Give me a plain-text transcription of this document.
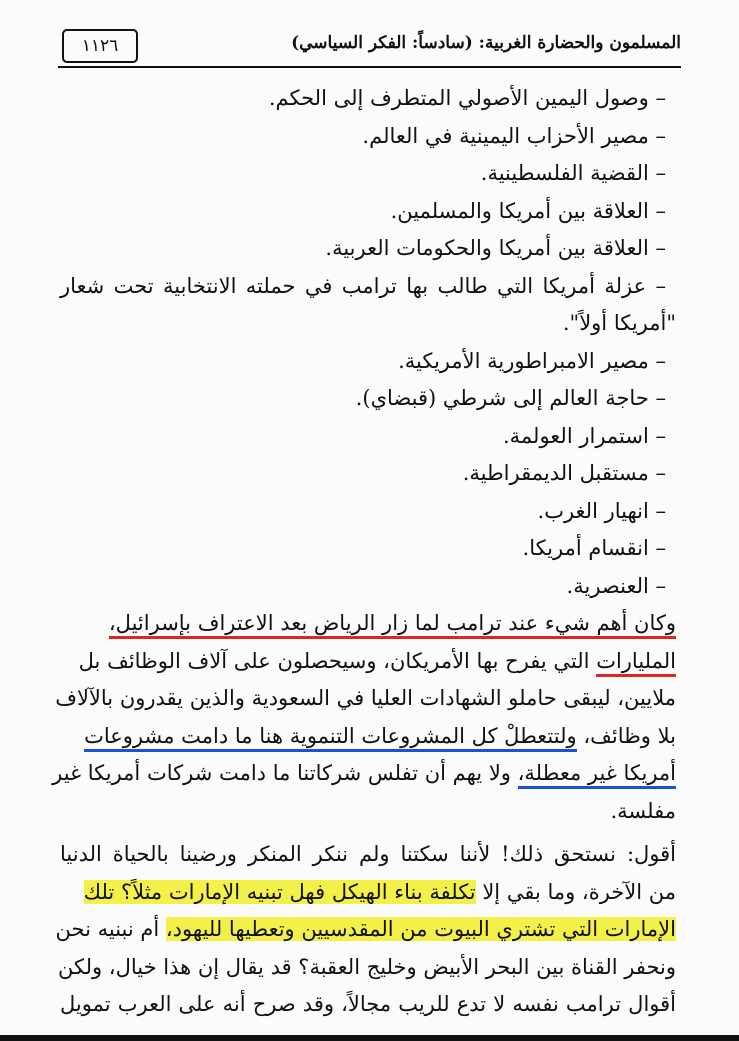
١١٢٦	المسلمون والحضارة الغربية: (سادساً: الفكر السياسي)
– وصول اليمين الأصولي المتطرف إلى الحكم.
– مصير الأحزاب اليمينية في العالم.
– القضية الفلسطينية.
– العلاقة بين أمريكا والمسلمين.
– العلاقة بين أمريكا والحكومات العربية.
– عزلة أمريكا التي طالب بها ترامب في حملته الانتخابية تحت شعار
"أمريكا أولاً".
– مصير الامبراطورية الأمريكية.
– حاجة العالم إلى شرطي (قبضاي).
– استمرار العولمة.
– مستقبل الديمقراطية.
– انهيار الغرب.
– انقسام أمريكا.
– العنصرية.
وكان أهم شيء عند ترامب لما زار الرياض بعد الاعتراف بإسرائيل،
المليارات التي يفرح بها الأمريكان، وسيحصلون على آلاف الوظائف بل
ملايين، ليبقى حاملو الشهادات العليا في السعودية والذين يقدرون بالآلاف
بلا وظائف، ولتتعطلْ كل المشروعات التنموية هنا ما دامت مشروعات
أمريكا غير معطلة، ولا يهم أن تفلس شركاتنا ما دامت شركات أمريكا غير
مفلسة.
أقول: نستحق ذلك! لأننا سكتنا ولم ننكر المنكر ورضينا بالحياة الدنيا
من الآخرة، وما بقي إلا تكلفة بناء الهيكل فهل تبنيه الإمارات مثلاً؟ تلك
الإمارات التي تشتري البيوت من المقدسيين وتعطيها لليهود، أم نبنيه نحن
ونحفر القناة بين البحر الأبيض وخليج العقبة؟ قد يقال إن هذا خيال، ولكن
أقوال ترامب نفسه لا تدع للريب مجالاً، وقد صرح أنه على العرب تمويل
